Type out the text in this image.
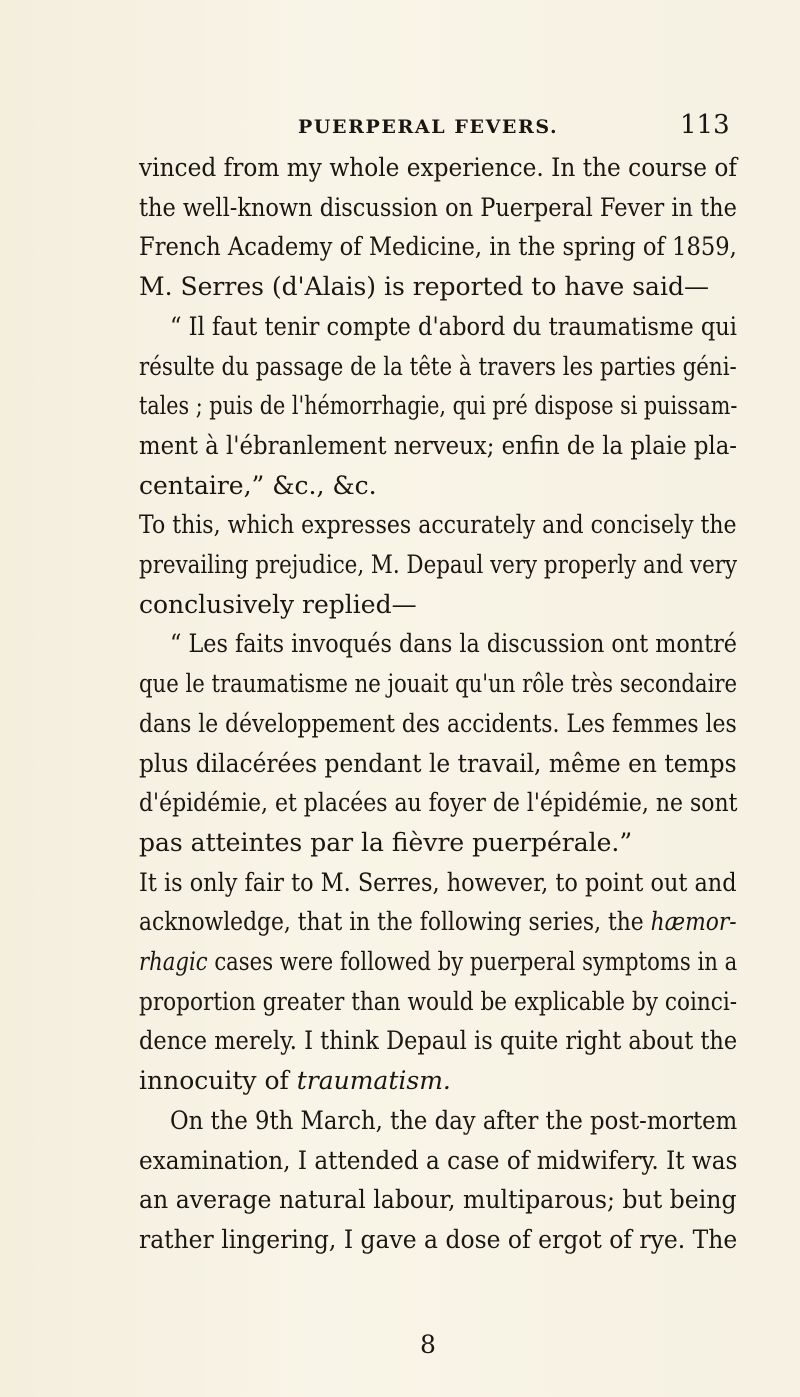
PUERPERAL FEVERS.	113
vinced from my whole experience. In the course of
the well-known discussion on Puerperal Fever in the
French Academy of Medicine, in the spring of 1859,
M. Serres (d'Alais) is reported to have said—
“ Il faut tenir compte d'abord du traumatisme qui
résulte du passage de la tête à travers les parties géni-
tales ; puis de l'hémorrhagie, qui pré dispose si puissam-
ment à l'ébranlement nerveux; enfin de la plaie pla-
centaire,” &c., &c.
To this, which expresses accurately and concisely the
prevailing prejudice, M. Depaul very properly and very
conclusively replied—
“ Les faits invoqués dans la discussion ont montré
que le traumatisme ne jouait qu'un rôle très secondaire
dans le développement des accidents. Les femmes les
plus dilacérées pendant le travail, même en temps
d'épidémie, et placées au foyer de l'épidémie, ne sont
pas atteintes par la fièvre puerpérale.”
It is only fair to M. Serres, however, to point out and
acknowledge, that in the following series, the hæmor-
rhagic cases were followed by puerperal symptoms in a
proportion greater than would be explicable by coinci-
dence merely. I think Depaul is quite right about the
innocuity of traumatism.
On the 9th March, the day after the post-mortem
examination, I attended a case of midwifery. It was
an average natural labour, multiparous; but being
rather lingering, I gave a dose of ergot of rye. The
8
